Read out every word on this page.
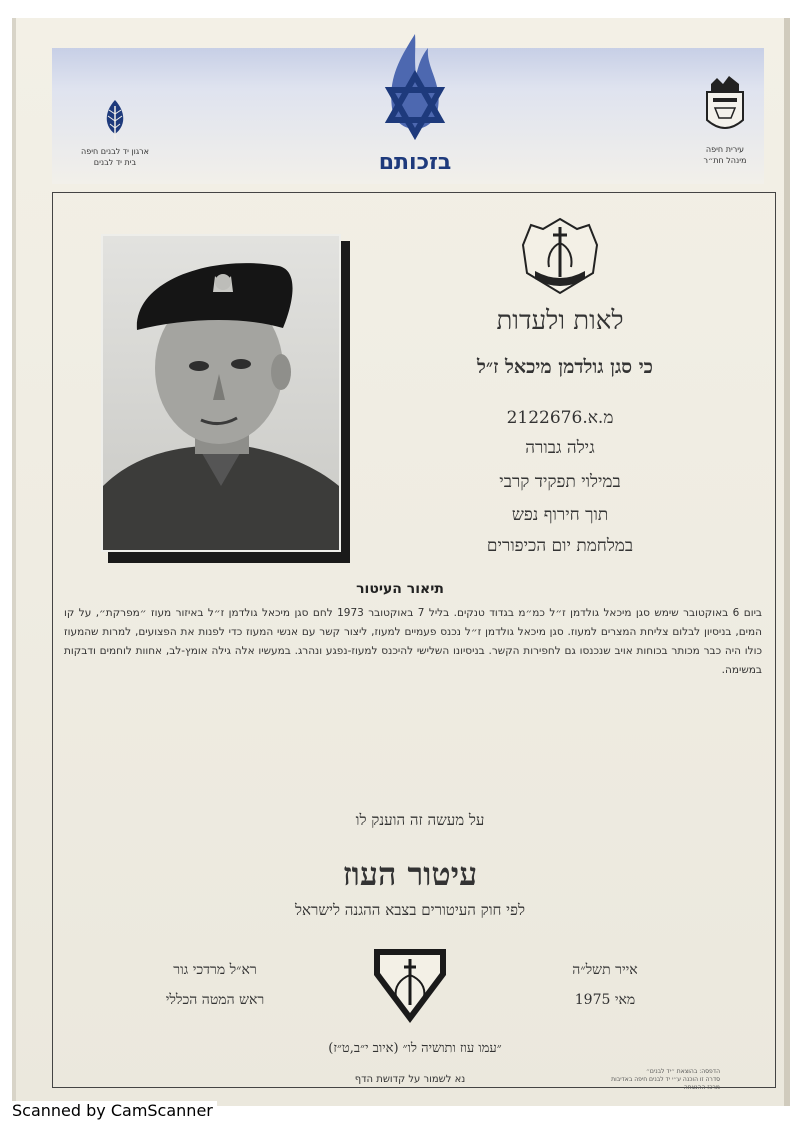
ארגון יד לבנים חיפה
בית יד לבנים
עירית חיפה
מינהל חת״ר
בזכותם
לאות ולעדות
כי סגן גולדמן מיכאל ז״ל
מ.א.2122676
גילה גבורה
במילוי תפקיד קרבי
תוך חירוף נפש
במלחמת יום הכיפורים
תיאור העיטור
ביום 6 באוקטובר שימש סגן מיכאל גולדמן ז״ל כמ״מ בגדוד טנקים. בליל 7 באוקטובר 1973 לחם סגן מיכאל גולדמן ז״ל באיזור מעוז ״מפרקת״, על קו המים, בניסיון לבלום צליחת המצרים למעוז. סגן מיכאל גולדמן ז״ל נכנס פעמיים למעוז, ליצור קשר עם אנשי המעוז כדי לפנות את הפצועים, למרות שהמעוז כולו היה כבר מכותר בכוחות אויב שנכנסו גם לחפירות הקשר. בניסיונו השלישי להיכנס למעוז-נפגע ונהרג. במעשיו אלה גילה אומץ-לב, אחוות לוחמים ודבקות במשימה.
על מעשה זה הוענק לו
עיטור העוז
לפי חוק העיטורים בצבא ההגנה לישראל
אייר תשל״ה
מאי 1975
רא״ל מרדכי גור
ראש המטה הכללי
״עמו עוז ותושיה לו״ (איוב י״ב,ט״ז)
נא לשמור על קדושת הדף
הדפסה: בהוצאת ״יד לבנים״
סדרה זו הוכנה ע״י יד לבנים חיפה באדיבות
מרכז ההנצחה
Scanned by CamScanner
